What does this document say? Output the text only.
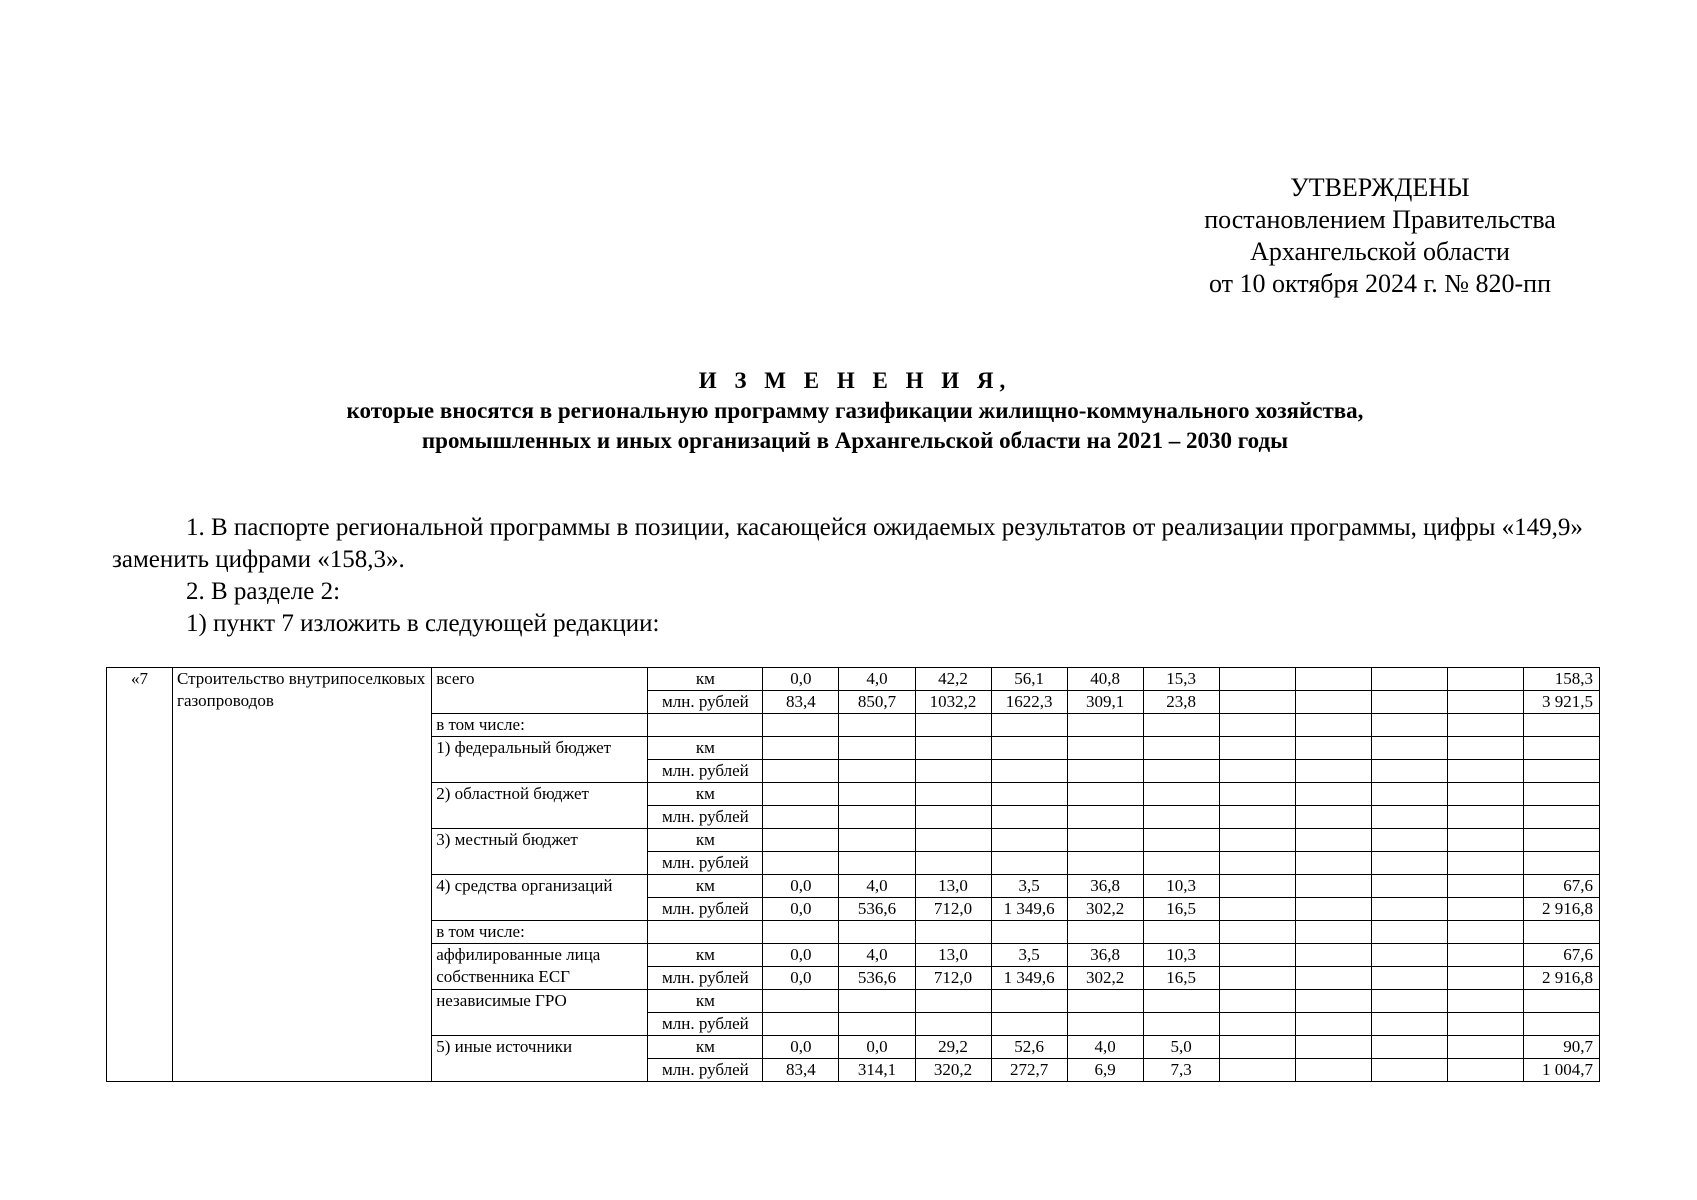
УТВЕРЖДЕНЫ
постановлением Правительства
Архангельской области
от 10 октября 2024 г. № 820-пп
И З М Е Н Е Н И Я,
которые вносятся в региональную программу газификации жилищно-коммунального хозяйства,
промышленных и иных организаций в Архангельской области на 2021 – 2030 годы

1. В паспорте региональной программы в позиции, касающейся ожидаемых результатов от реализации программы, цифры «149,9» заменить цифрами «158,3».

2. В разделе 2:

1) пункт 7 изложить в следующей редакции:

«7	Строительство внутрипоселковых газопроводов	всего	км	0,0	4,0	42,2	56,1	40,8	15,3					158,3
			млн. рублей	83,4	850,7	1032,2	1622,3	309,1	23,8					3 921,5
		в том числе:												
		1) федеральный бюджет	км											
			млн. рублей											
		2) областной бюджет	км											
			млн. рублей											
		3) местный бюджет	км											
			млн. рублей											
		4) средства организаций	км	0,0	4,0	13,0	3,5	36,8	10,3					67,6
			млн. рублей	0,0	536,6	712,0	1 349,6	302,2	16,5					2 916,8
		в том числе:												
		аффилированные лица собственника ЕСГ	км	0,0	4,0	13,0	3,5	36,8	10,3					67,6
			млн. рублей	0,0	536,6	712,0	1 349,6	302,2	16,5					2 916,8
		независимые ГРО	км											
			млн. рублей											
		5) иные источники	км	0,0	0,0	29,2	52,6	4,0	5,0					90,7
			млн. рублей	83,4	314,1	320,2	272,7	6,9	7,3					1 004,7
